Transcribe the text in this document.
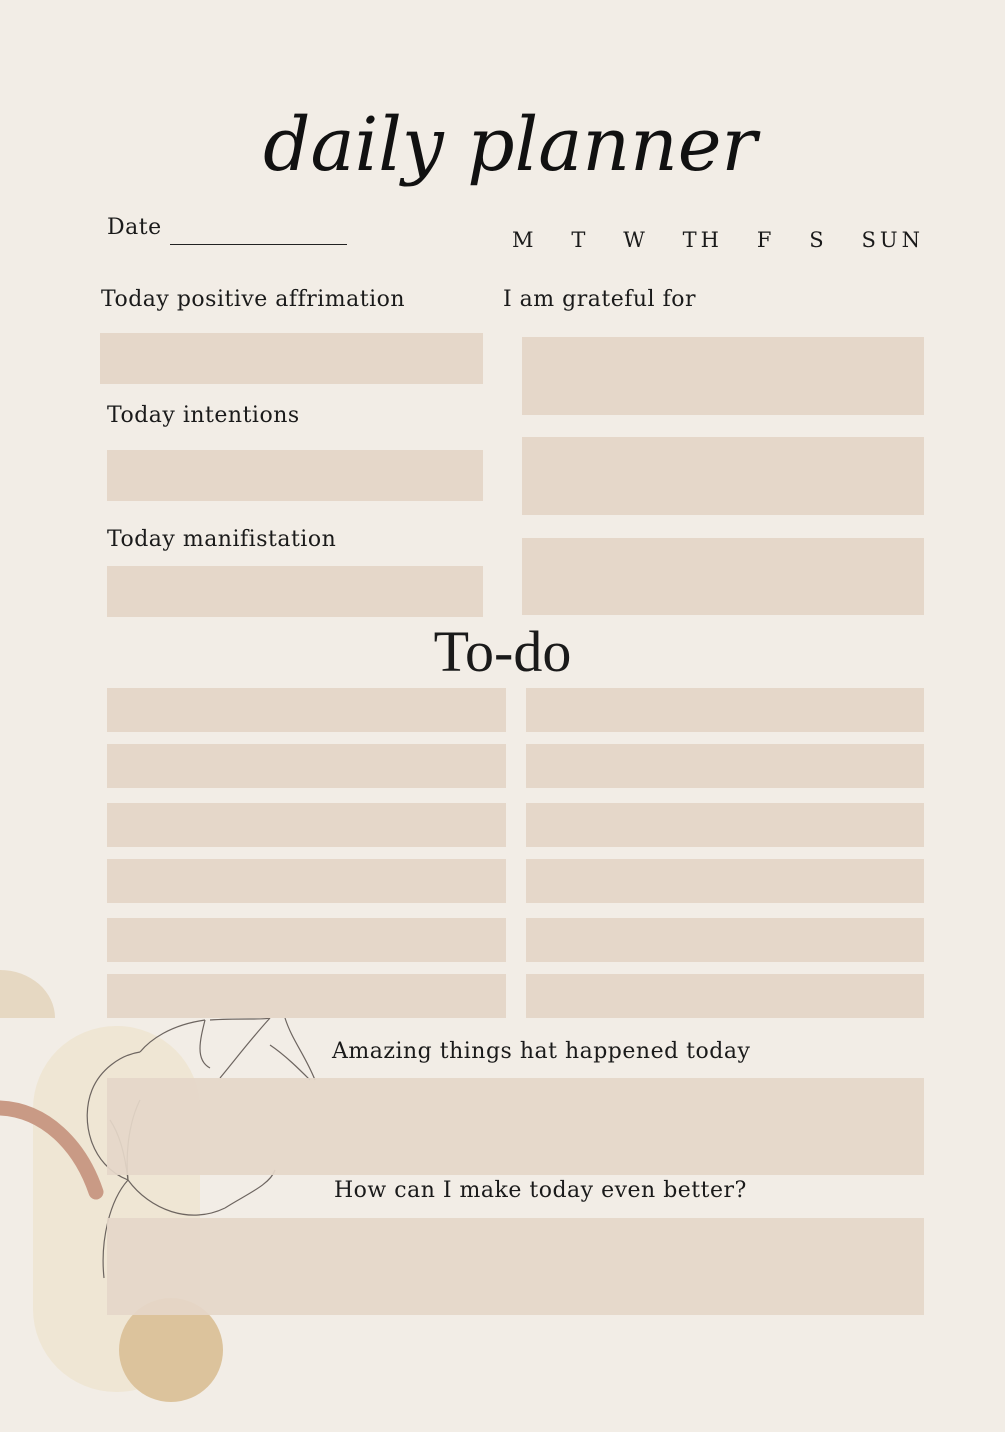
daily planner
Date	M T W TH F S SUN
Today positive affrimation
Today intentions
Today manifistation
I am grateful for
To-do
Amazing things hat happened today
How can I make today even better?
